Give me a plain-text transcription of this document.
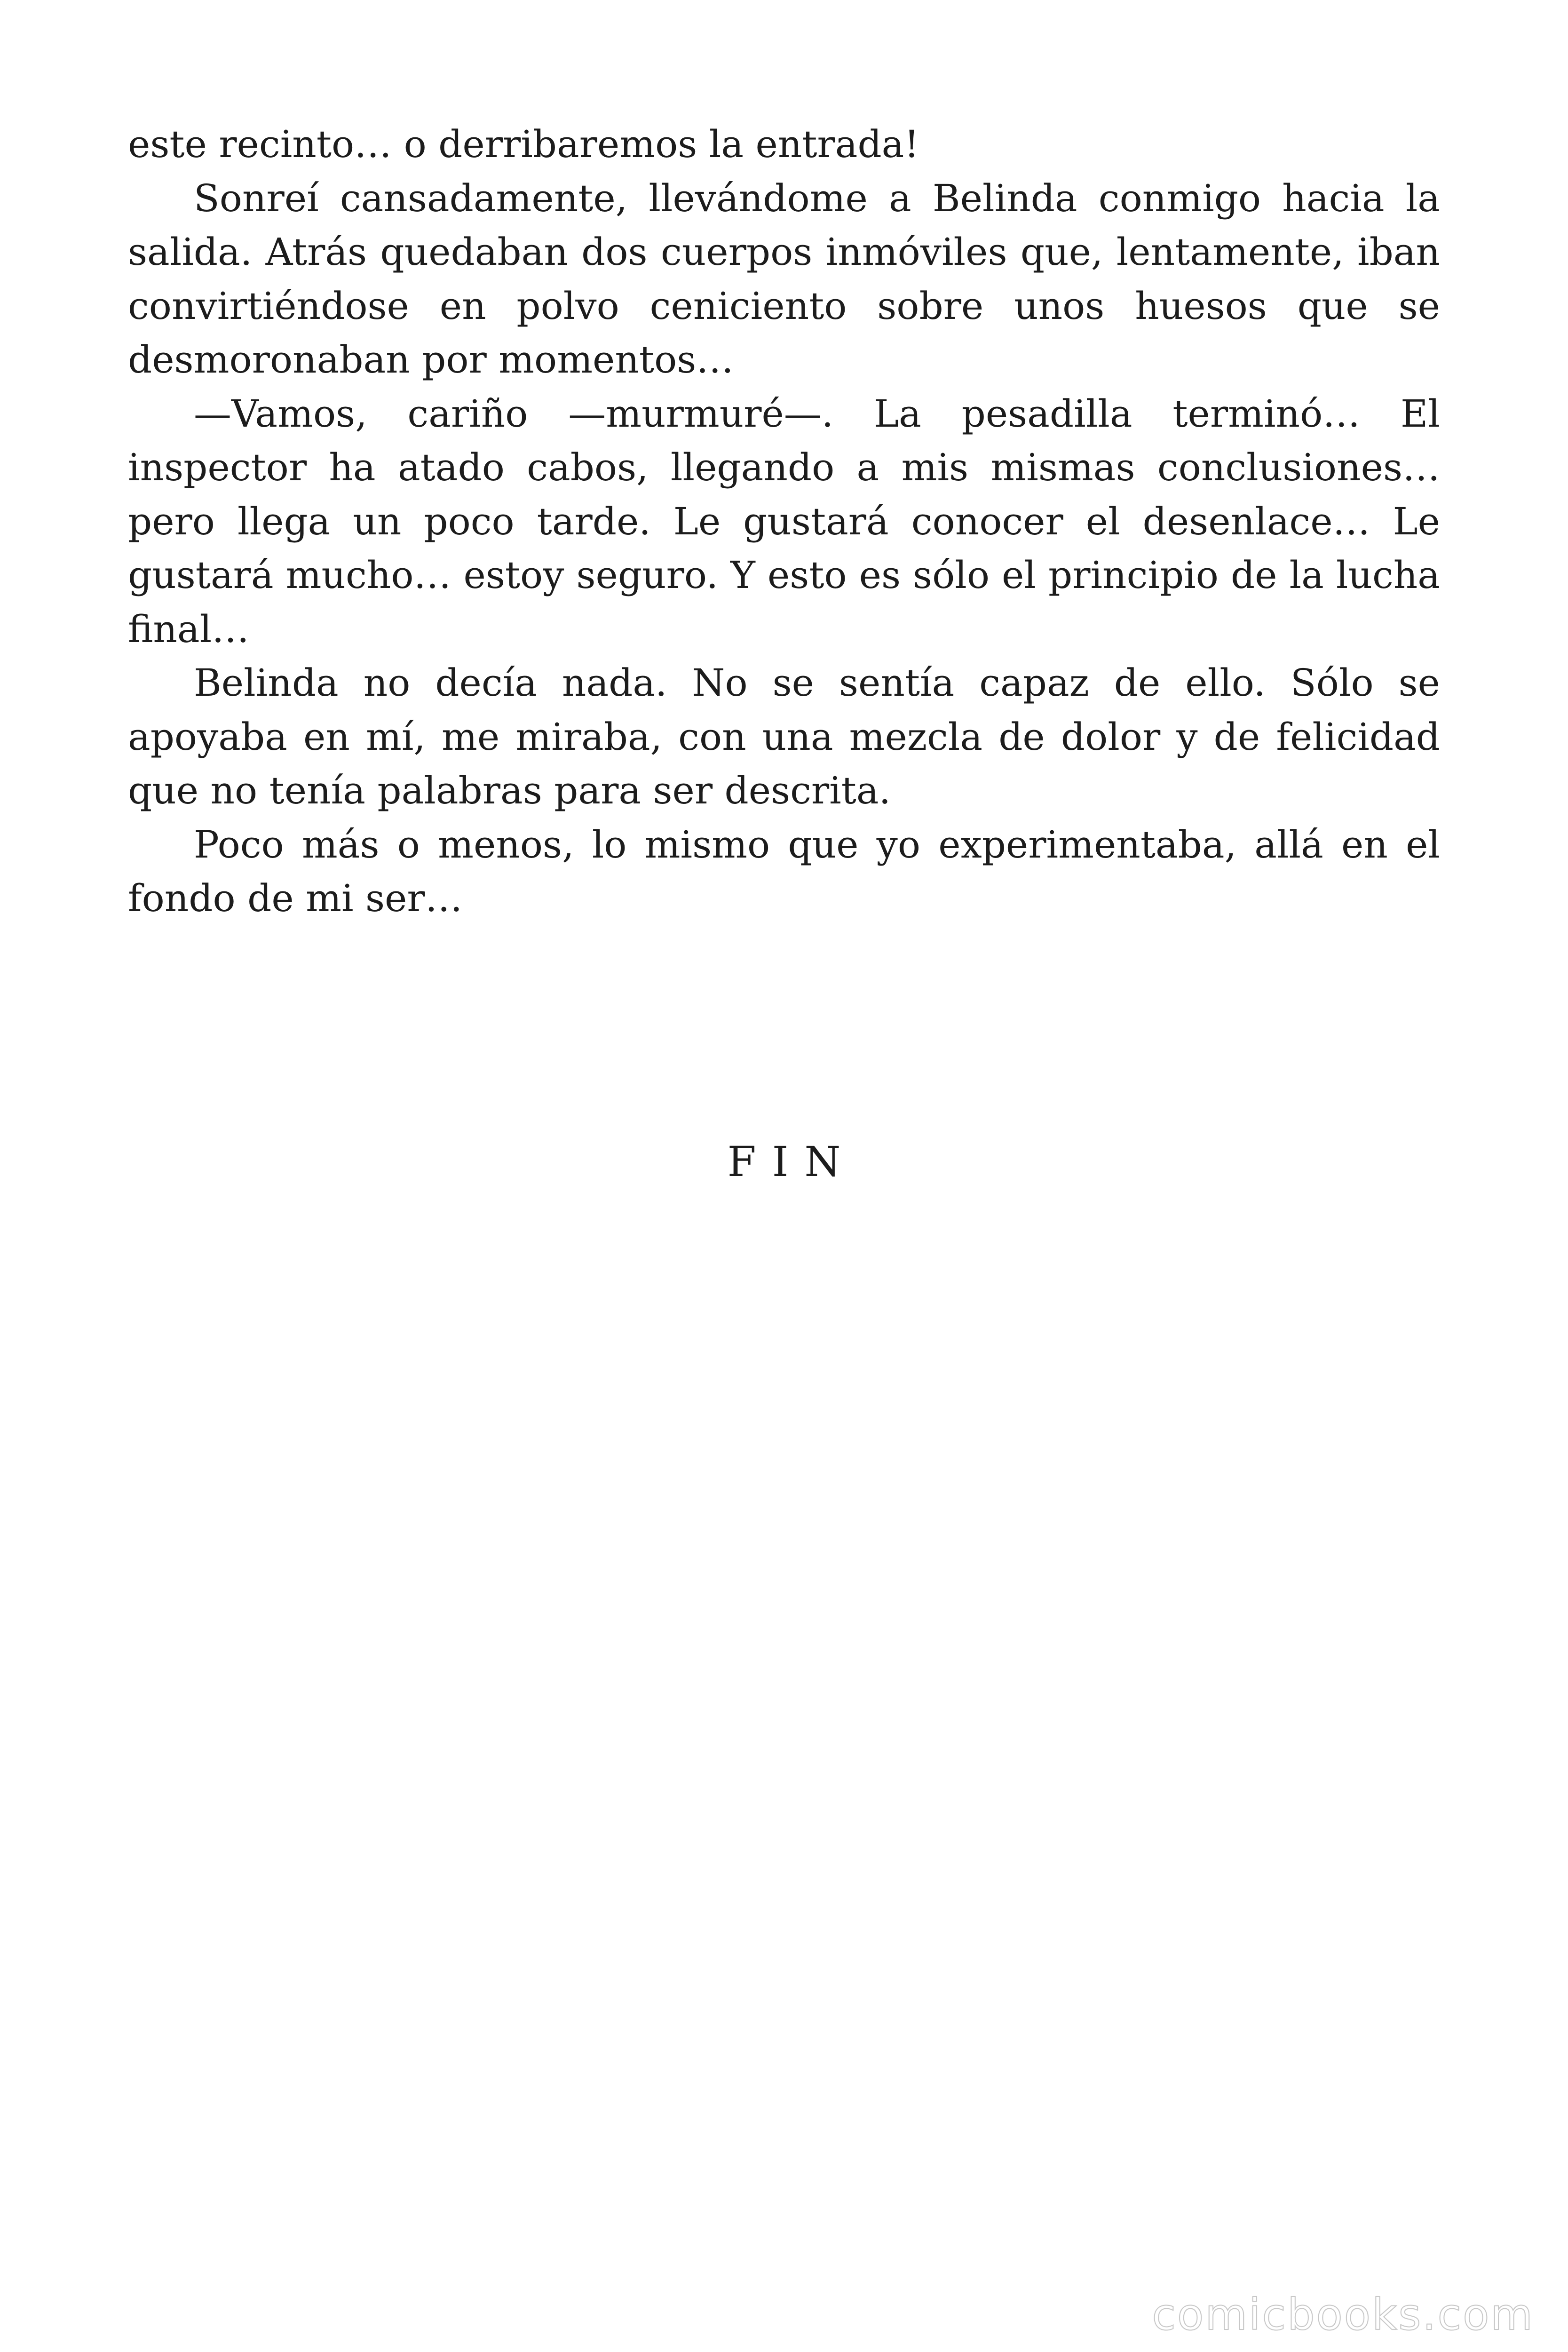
este recinto… o derribaremos la entrada!

Sonreí cansadamente, llevándome a Belinda conmigo hacia la salida. Atrás quedaban dos cuerpos inmóviles que, lentamente, iban convirtiéndose en polvo ceniciento sobre unos huesos que se desmoronaban por momentos…

—Vamos, cariño —murmuré—. La pesadilla terminó… El inspector ha atado cabos, llegando a mis mismas conclusiones… pero llega un poco tarde. Le gustará conocer el desenlace… Le gustará mucho… estoy seguro. Y esto es sólo el principio de la lucha final…

Belinda no decía nada. No se sentía capaz de ello. Sólo se apoyaba en mí, me miraba, con una mezcla de dolor y de felicidad que no tenía palabras para ser descrita.

Poco más o menos, lo mismo que yo experimentaba, allá en el fondo de mi ser…

FIN
comicbooks.com
